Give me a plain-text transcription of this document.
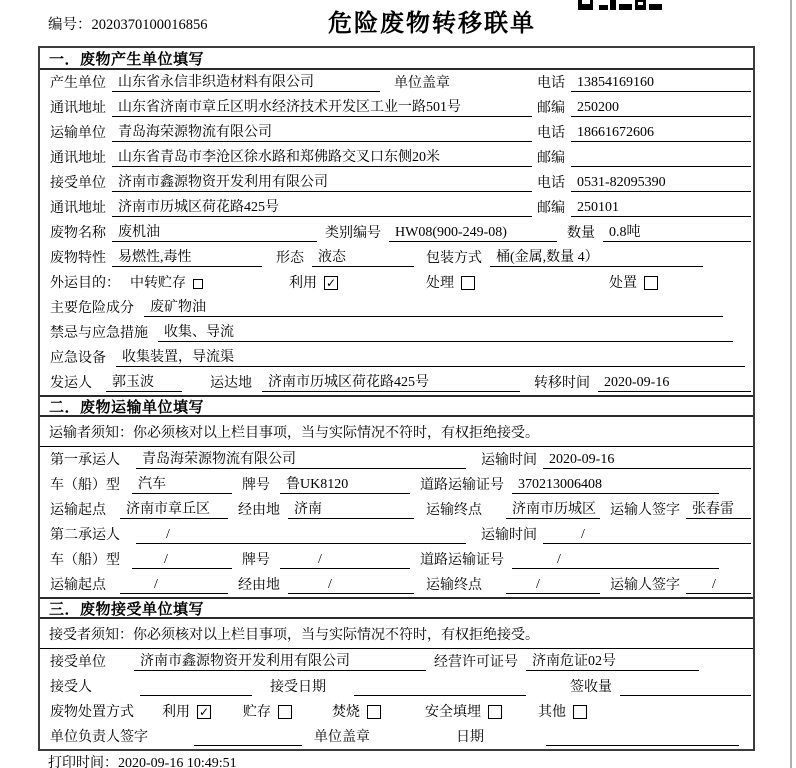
编号：2020370100016856	危险废物转移联单
一．废物产生单位填写
产生单位 山东省永信非织造材料有限公司	单位盖章	电话 13854169160
通讯地址 山东省济南市章丘区明水经济技术开发区工业一路501号	邮编 250200
运输单位 青岛海荣源物流有限公司	电话 18661672606
通讯地址 山东省青岛市李沧区徐水路和郑佛路交叉口东侧20米	邮编
接受单位 济南市鑫源物资开发利用有限公司	电话 0531-82095390
通讯地址 济南市历城区荷花路425号	邮编 250101
废物名称 废机油	类别编号	HW08(900-249-08)	数量	0.8吨
废物特性 易燃性,毒性	形态	液态	包装方式	桶(金属,数量 4）
外运目的： 中转贮存	利用 ✓	处理	处置
主要危险成分	废矿物油
禁忌与应急措施	收集、导流
应急设备	收集装置，导流渠
发运人	郭玉波	运达地	济南市历城区荷花路425号	转移时间	2020-09-16
二．废物运输单位填写
运输者须知： 你必须核对以上栏目事项，当与实际情况不符时，有权拒绝接受。
第一承运人	青岛海荣源物流有限公司	运输时间 2020-09-16
车（船）型	汽车	牌号	鲁UK8120	道路运输证号	370213006408
运输起点	济南市章丘区	经由地	济南	运输终点	济南市历城区 运输人签字 张春雷
第二承运人	/	运输时间	/
车（船）型	/	牌号	/	道路运输证号	/
运输起点	/	经由地	/	运输终点	/	运输人签字	/
三．废物接受单位填写
接受者须知： 你必须核对以上栏目事项，当与实际情况不符时，有权拒绝接受。
接受单位	济南市鑫源物资开发利用有限公司	经营许可证号	济南危证02号
接受人	接受日期	签收量
废物处置方式 利用 ✓ 贮存	焚烧	安全填埋	其他
单位负责人签字	单位盖章	日期
打印时间：2020-09-16 10:49:51
